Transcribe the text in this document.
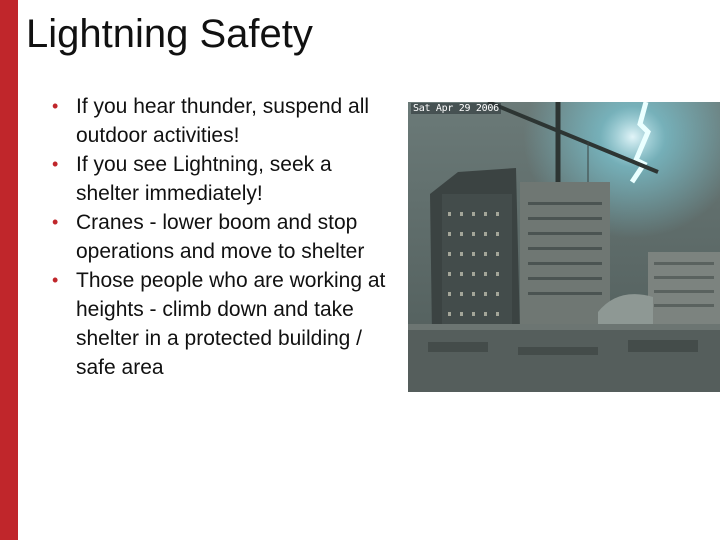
Lightning Safety
• If you hear thunder, suspend all outdoor activities!
• If you see Lightning, seek a shelter immediately!
• Cranes - lower boom and stop operations and move to shelter
• Those people who are working at heights - climb down and take shelter in a protected building / safe area
Sat Apr 29 2006
